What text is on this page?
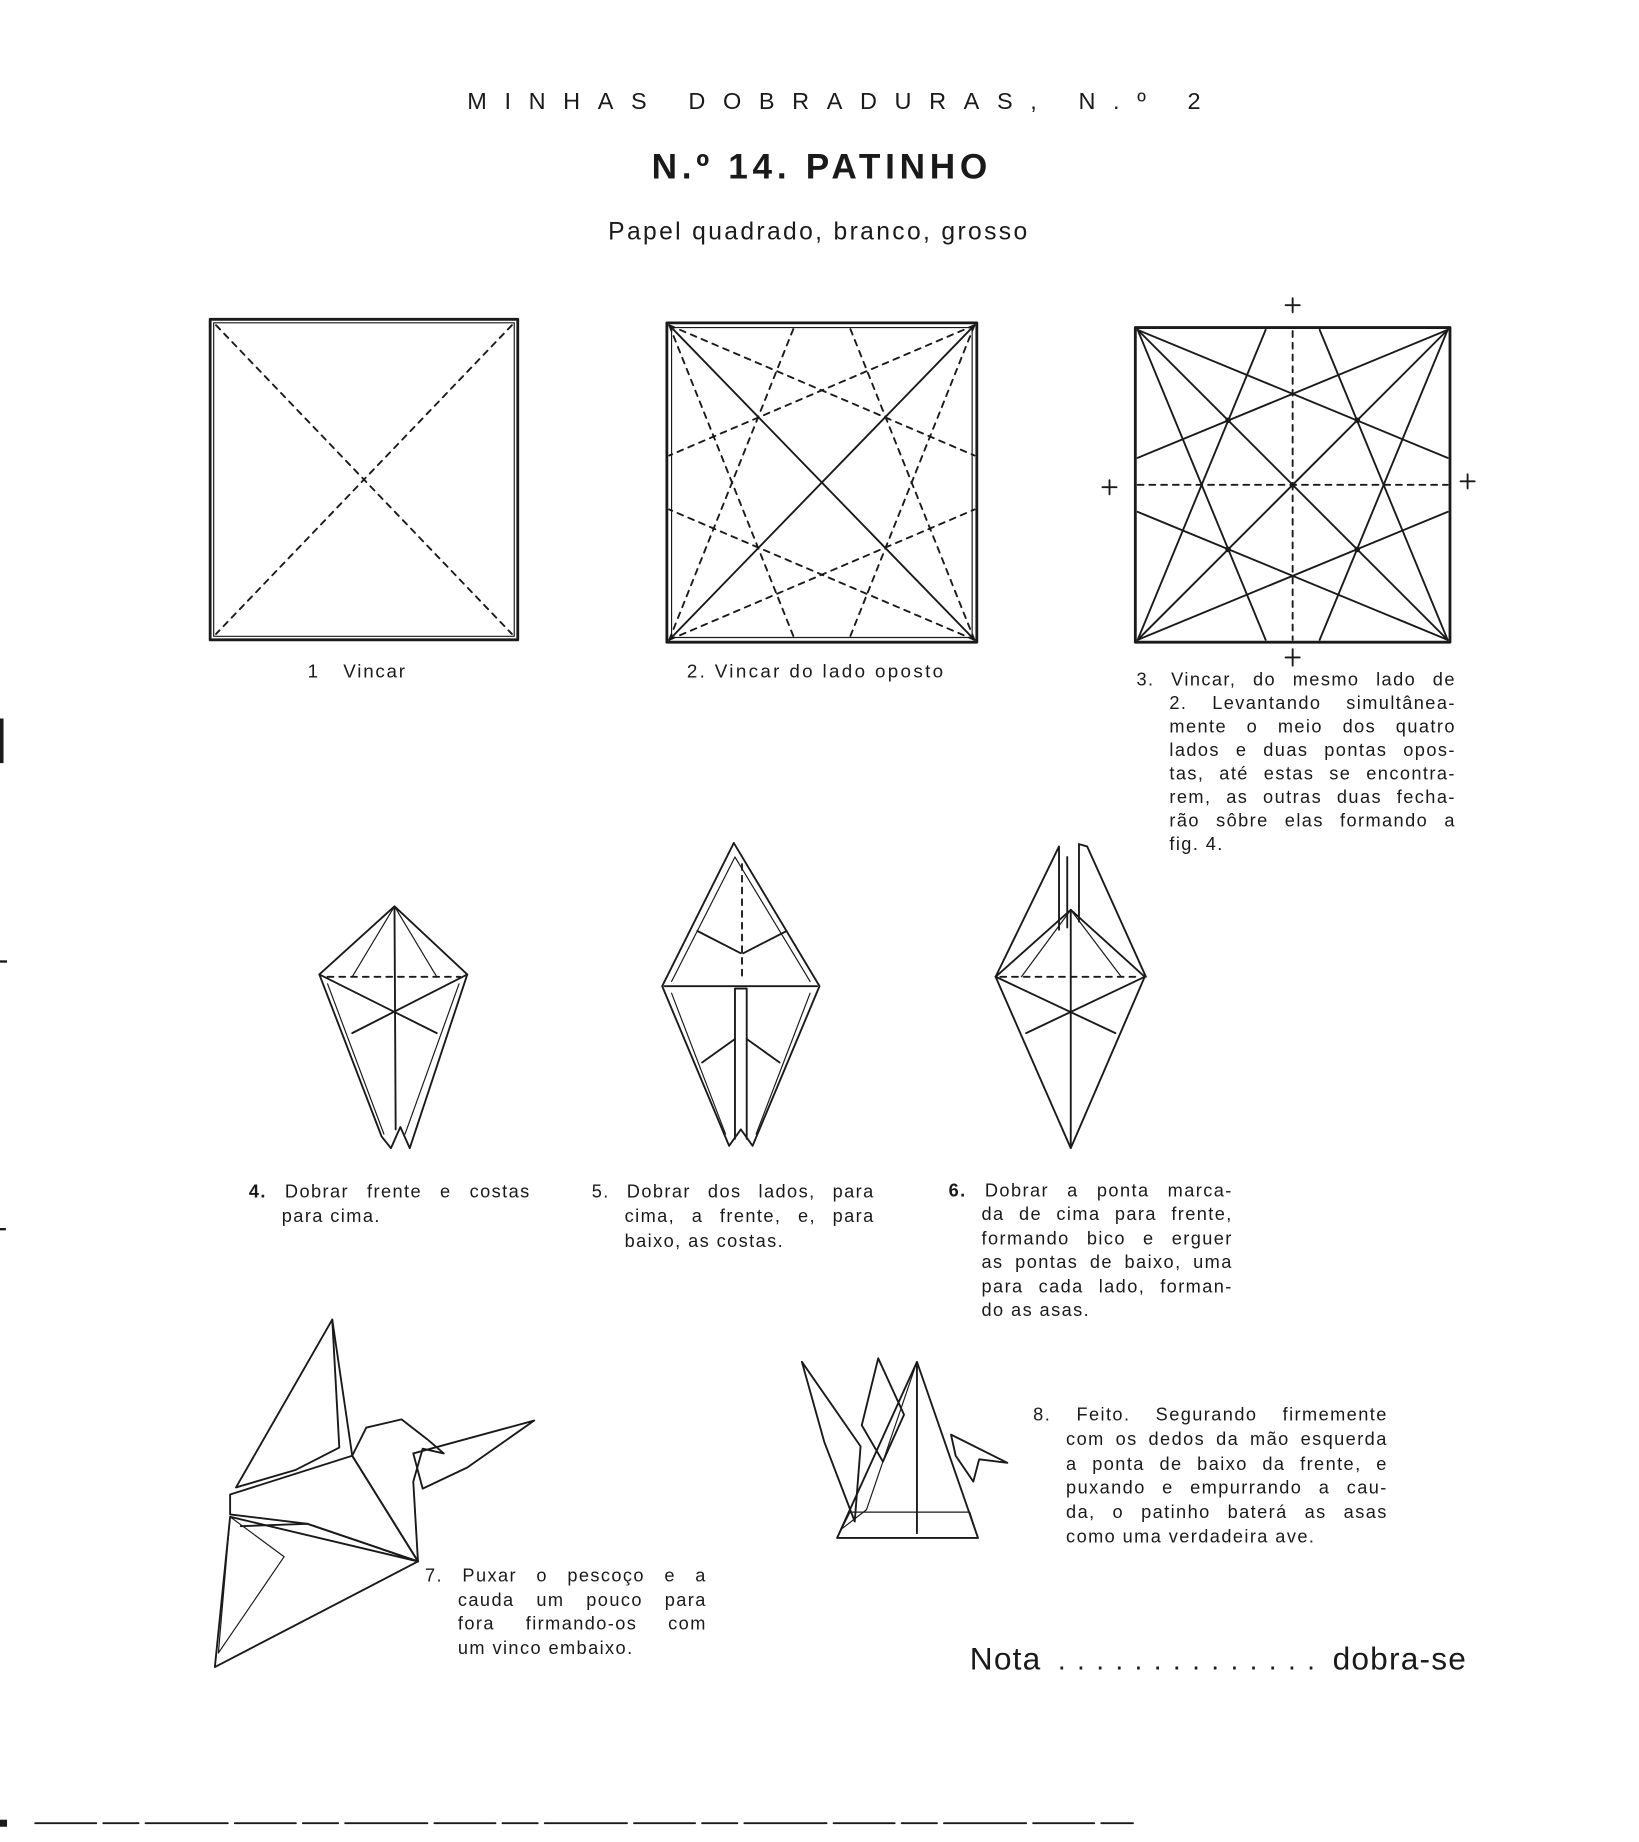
MINHAS DOBRADURAS, N.º 2
N.º 14. PATINHO
Papel quadrado, branco, grosso
1 Vincar	2. Vincar do lado oposto	3. Vincar, do mesmo lado de
2. Levantando simultânea-
mente o meio dos quatro
lados e duas pontas opos-
tas, até estas se encontra-
rem, as outras duas fecha-
rão sôbre elas formando a
fig. 4.
4. Dobrar frente e costas
para cima.
5. Dobrar dos lados, para
cima, a frente, e, para
baixo, as costas.
6. Dobrar a ponta marca-
da de cima para frente,
formando bico e erguer
as pontas de baixo, uma
para cada lado, forman-
do as asas.
7. Puxar o pescoço e a
cauda um pouco para
fora firmando-os com
um vinco embaixo.
8. Feito. Segurando firmemente
com os dedos da mão esquerda
a ponta de baixo da frente, e
puxando e empurrando a cau-
da, o patinho baterá as asas
como uma verdadeira ave.
Nota . . . . . . . . . . . . . . dobra-se
